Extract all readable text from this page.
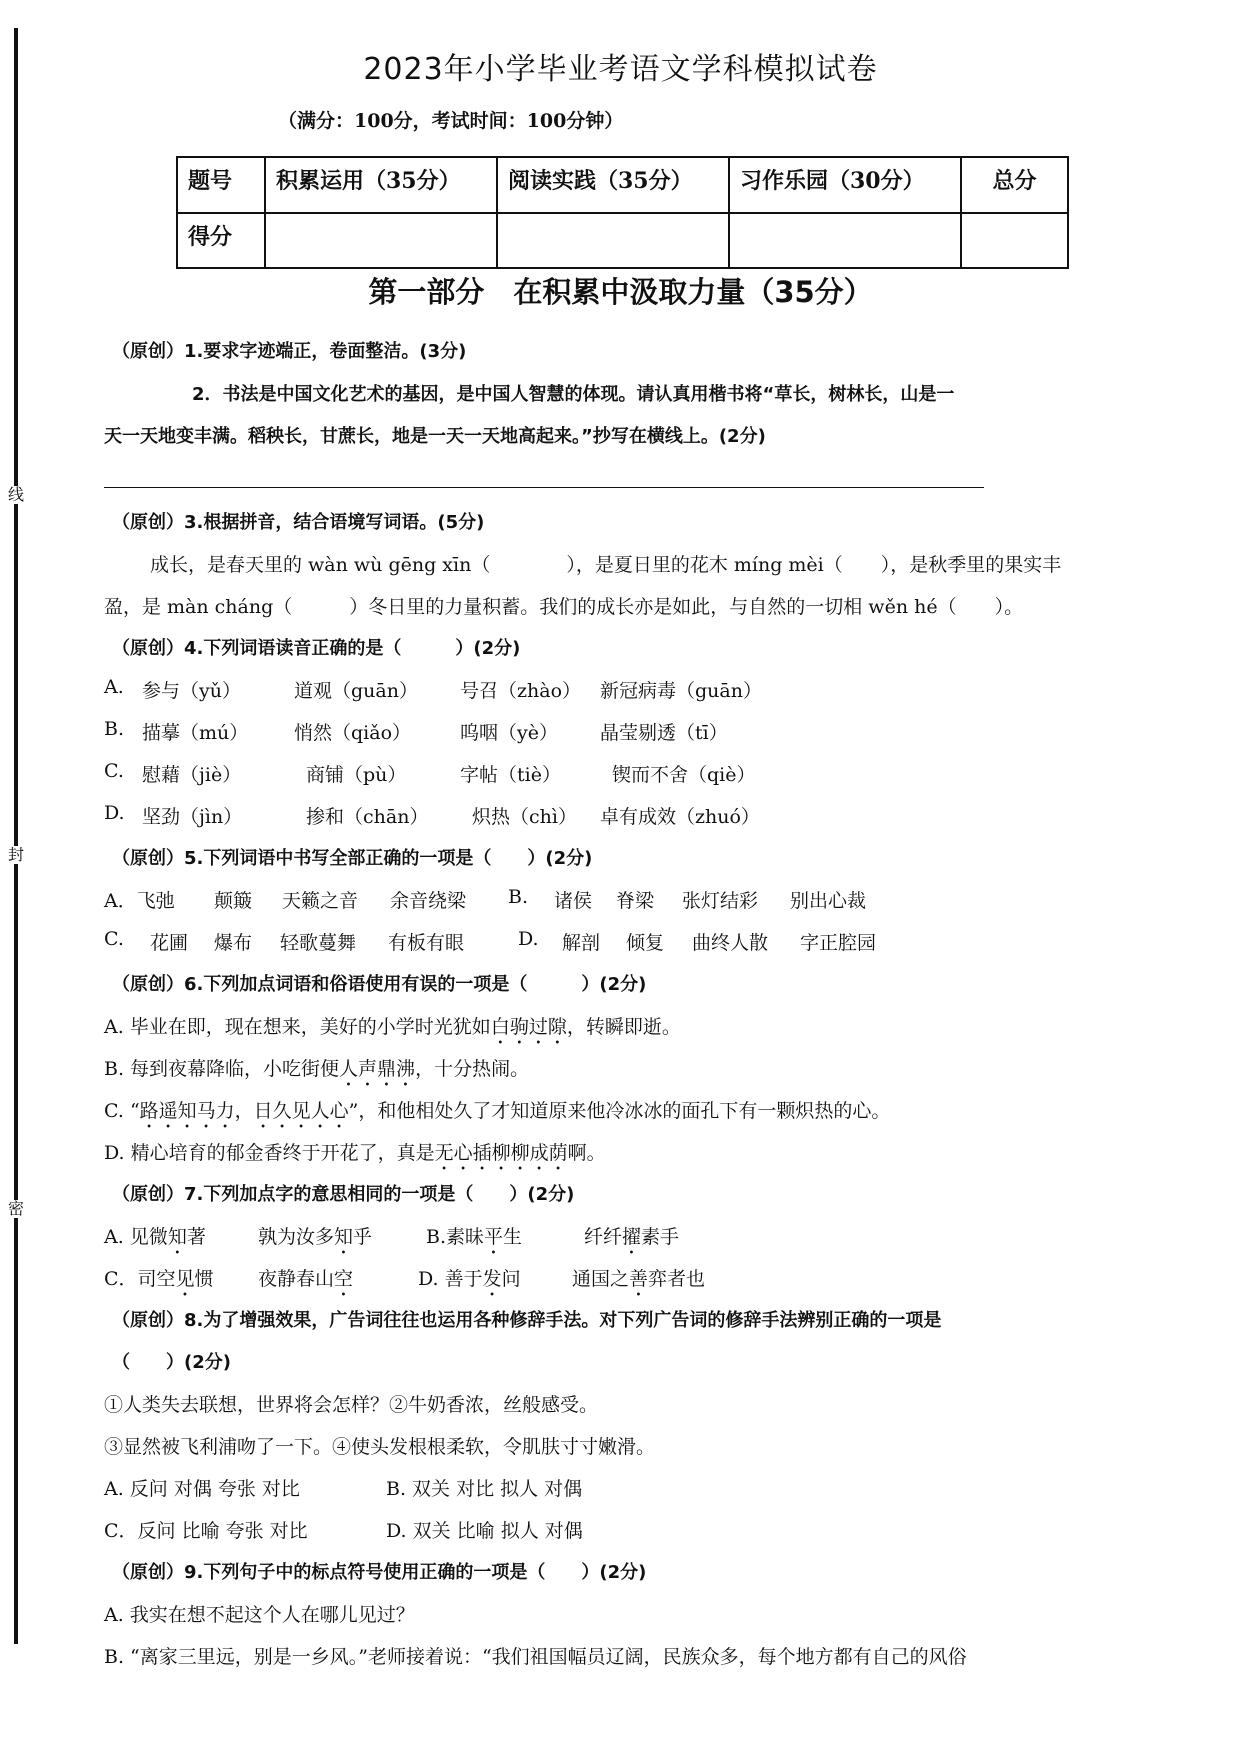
线
封
密
2023年小学毕业考语文学科模拟试卷
（满分：100分，考试时间：100分钟）
题号	积累运用（35分）	阅读实践（35分）	习作乐园（30分）	总分
得分				
第一部分　在积累中汲取力量（35分）
（原创）1.要求字迹端正，卷面整洁。(3分)
2．书法是中国文化艺术的基因，是中国人智慧的体现。请认真用楷书将“草长，树林长，山是一
天一天地变丰满。稻秧长，甘蔗长，地是一天一天地高起来。”抄写在横线上。(2分)
（原创）3.根据拼音，结合语境写词语。(5分)
成长，是春天里的 wàn wù gēng xīn（　　　　），是夏日里的花木 míng mèi（　　），是秋季里的果实丰
盈，是 màn cháng（　　　）冬日里的力量积蓄。我们的成长亦是如此，与自然的一切相 wěn hé（　　）。
（原创）4.下列词语读音正确的是（　　　）(2分)
A. 参与（yǔ）	道观（guān） 号召（zhào） 新冠病毒（guān）
B. 描摹（mú） 悄然（qiǎo）	呜咽（yè） 晶莹剔透（tī）
C. 慰藉（jiè）	商铺（pù）	字帖（tiè）	锲而不舍（qiè）
D. 坚劲（jìn）	掺和（chān） 炽热（chì） 卓有成效（zhuó）
（原创）5.下列词语中书写全部正确的一项是（　　）(2分)
A．飞弛 颠簸 天籁之音 余音绕梁 B. 诸侯 脊梁 张灯结彩 别出心裁
C. 花圃 爆布 轻歌蔓舞 有板有眼	D. 解剖 倾复 曲终人散 字正腔园
（原创）6.下列加点词语和俗语使用有误的一项是（　　　）(2分)
A. 毕业在即，现在想来，美好的小学时光犹如白驹过隙，转瞬即逝。
B. 每到夜幕降临，小吃街便人声鼎沸，十分热闹。
C. “路遥知马力，日久见人心”，和他相处久了才知道原来他冷冰冰的面孔下有一颗炽热的心。
D. 精心培育的郁金香终于开花了，真是无心插柳柳成荫啊。
（原创）7.下列加点字的意思相同的一项是（　　）(2分)
A. 见微知著	孰为汝多知乎	B.素昧平生	纤纤擢素手
C．司空见惯 夜静春山空	D. 善于发问	通国之善弈者也
（原创）8.为了增强效果，广告词往往也运用各种修辞手法。对下列广告词的修辞手法辨别正确的一项是
（　　）(2分)
①人类失去联想，世界将会怎样？②牛奶香浓，丝般感受。
③显然被飞利浦吻了一下。④使头发根根柔软，令肌肤寸寸嫩滑。
A. 反问 对偶 夸张 对比	B. 双关 对比 拟人 对偶
C．反问 比喻 夸张 对比	D. 双关 比喻 拟人 对偶
（原创）9.下列句子中的标点符号使用正确的一项是（　　）(2分)
A. 我实在想不起这个人在哪儿见过？
B. “离家三里远，别是一乡风。”老师接着说：“我们祖国幅员辽阔，民族众多，每个地方都有自己的风俗
